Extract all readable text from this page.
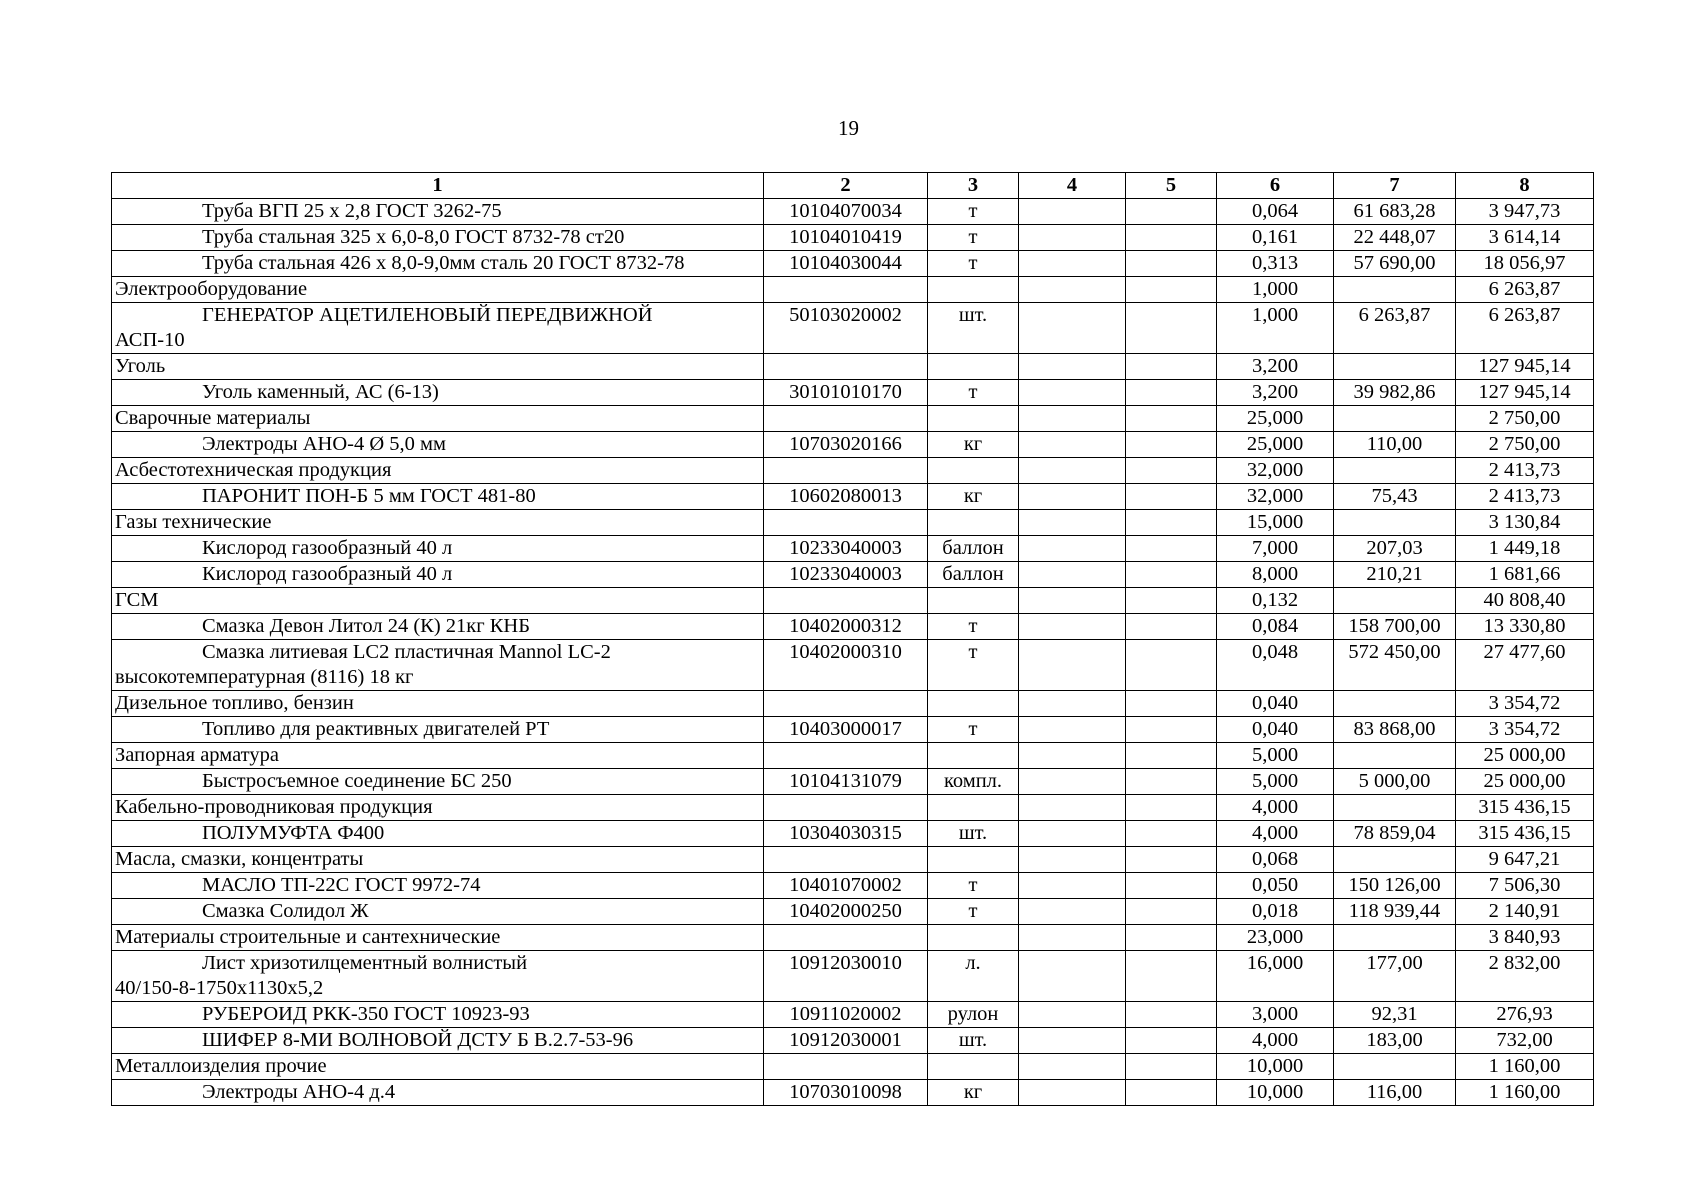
19
1	2	3	4	5	6	7	8
Труба ВГП 25 х 2,8 ГОСТ 3262-75	10104070034	т			0,064	61 683,28	3 947,73
Труба стальная 325 х 6,0-8,0 ГОСТ 8732-78 ст20	10104010419	т			0,161	22 448,07	3 614,14
Труба стальная 426 х 8,0-9,0мм сталь 20 ГОСТ 8732-78	10104030044	т			0,313	57 690,00	18 056,97
Электрооборудование					1,000		6 263,87
ГЕНЕРАТОР АЦЕТИЛЕНОВЫЙ ПЕРЕДВИЖНОЙ
АСП-10	50103020002	шт.			1,000	6 263,87	6 263,87
Уголь					3,200		127 945,14
Уголь каменный, АС (6-13)	30101010170	т			3,200	39 982,86	127 945,14
Сварочные материалы					25,000		2 750,00
Электроды АНО-4 Ø 5,0 мм	10703020166	кг			25,000	110,00	2 750,00
Асбестотехническая продукция					32,000		2 413,73
ПАРОНИТ ПОН-Б 5 мм ГОСТ 481-80	10602080013	кг			32,000	75,43	2 413,73
Газы технические					15,000		3 130,84
Кислород газообразный 40 л	10233040003	баллон			7,000	207,03	1 449,18
Кислород газообразный 40 л	10233040003	баллон			8,000	210,21	1 681,66
ГСМ					0,132		40 808,40
Смазка Девон Литол 24 (К) 21кг КНБ	10402000312	т			0,084	158 700,00	13 330,80
Смазка литиевая LC2 пластичная Mannol LC-2
высокотемпературная (8116) 18 кг	10402000310	т			0,048	572 450,00	27 477,60
Дизельное топливо, бензин					0,040		3 354,72
Топливо для реактивных двигателей РТ	10403000017	т			0,040	83 868,00	3 354,72
Запорная арматура					5,000		25 000,00
Быстросъемное соединение БС 250	10104131079	компл.			5,000	5 000,00	25 000,00
Кабельно-проводниковая продукция					4,000		315 436,15
ПОЛУМУФТА Ф400	10304030315	шт.			4,000	78 859,04	315 436,15
Масла, смазки, концентраты					0,068		9 647,21
МАСЛО ТП-22С ГОСТ 9972-74	10401070002	т			0,050	150 126,00	7 506,30
Смазка Солидол Ж	10402000250	т			0,018	118 939,44	2 140,91
Материалы строительные и сантехнические					23,000		3 840,93
Лист хризотилцементный волнистый
40/150-8-1750х1130х5,2	10912030010	л.			16,000	177,00	2 832,00
РУБЕРОИД РКК-350 ГОСТ 10923-93	10911020002	рулон			3,000	92,31	276,93
ШИФЕР 8-МИ ВОЛНОВОЙ ДСТУ Б В.2.7-53-96	10912030001	шт.			4,000	183,00	732,00
Металлоизделия прочие					10,000		1 160,00
Электроды АНО-4 д.4	10703010098	кг			10,000	116,00	1 160,00
